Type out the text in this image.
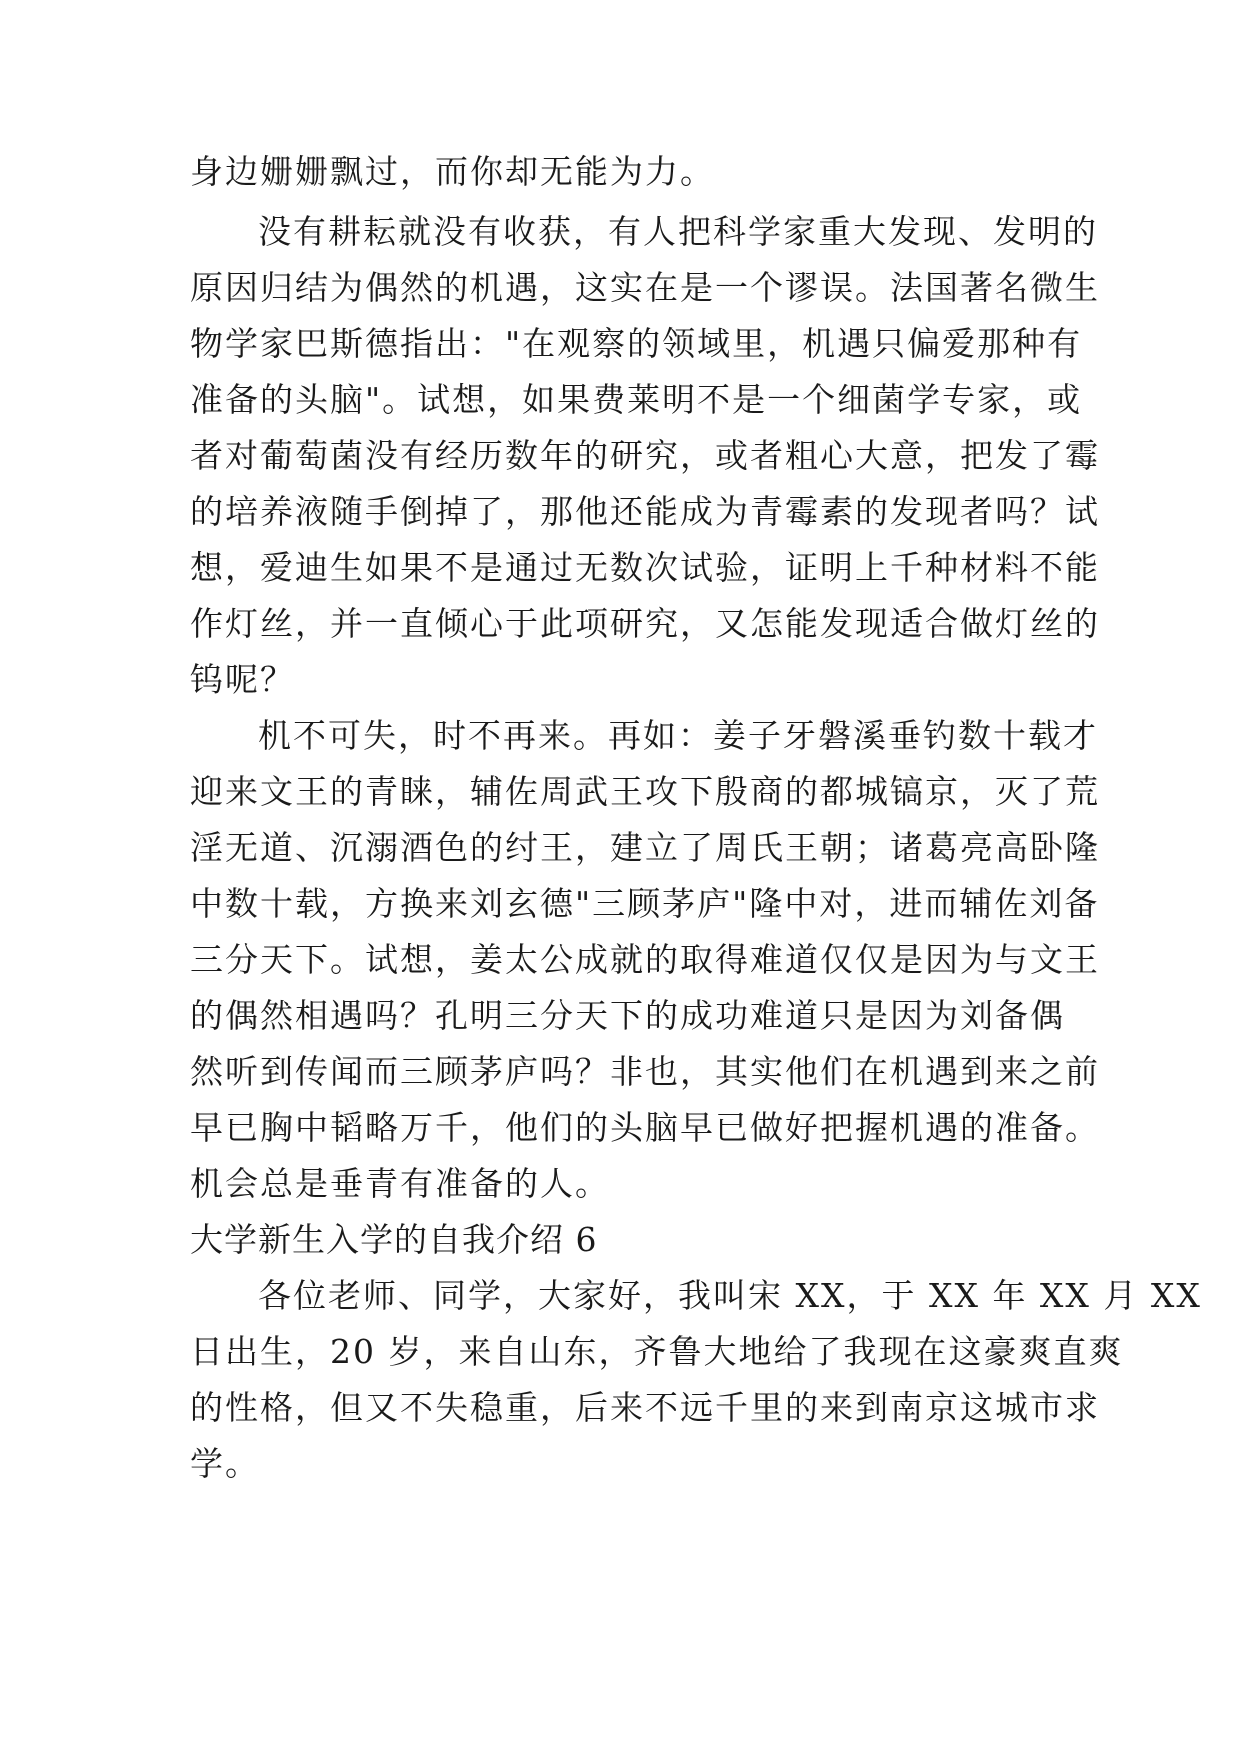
身边姗姗飘过，而你却无能为力。
没有耕耘就没有收获，有人把科学家重大发现、发明的
原因归结为偶然的机遇，这实在是一个谬误。法国著名微生
物学家巴斯德指出："在观察的领域里，机遇只偏爱那种有
准备的头脑"。试想，如果费莱明不是一个细菌学专家，或
者对葡萄菌没有经历数年的研究，或者粗心大意，把发了霉
的培养液随手倒掉了，那他还能成为青霉素的发现者吗？试
想，爱迪生如果不是通过无数次试验，证明上千种材料不能
作灯丝，并一直倾心于此项研究，又怎能发现适合做灯丝的
钨呢？
机不可失，时不再来。再如：姜子牙磐溪垂钓数十载才
迎来文王的青睐，辅佐周武王攻下殷商的都城镐京，灭了荒
淫无道、沉溺酒色的纣王，建立了周氏王朝；诸葛亮高卧隆
中数十载，方换来刘玄德"三顾茅庐"隆中对，进而辅佐刘备
三分天下。试想，姜太公成就的取得难道仅仅是因为与文王
的偶然相遇吗？孔明三分天下的成功难道只是因为刘备偶
然听到传闻而三顾茅庐吗？非也，其实他们在机遇到来之前
早已胸中韬略万千，他们的头脑早已做好把握机遇的准备。
机会总是垂青有准备的人。
大学新生入学的自我介绍 6
各位老师、同学，大家好，我叫宋 XX，于 XX 年 XX 月 XX
日出生，20 岁，来自山东，齐鲁大地给了我现在这豪爽直爽
的性格，但又不失稳重，后来不远千里的来到南京这城市求
学。
